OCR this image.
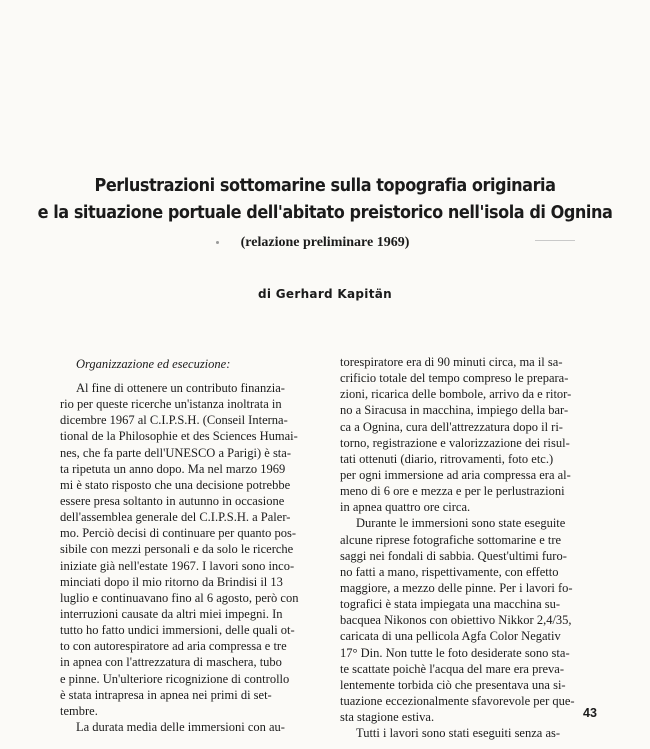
Perlustrazioni sottomarine sulla topografia originaria
e la situazione portuale dell'abitato preistorico nell'isola di Ognina
(relazione preliminare 1969)
di Gerhard Kapitän
Organizzazione ed esecuzione:
Al fine di ottenere un contributo finanzia-
rio per queste ricerche un'istanza inoltrata in
dicembre 1967 al C.I.P.S.H. (Conseil Interna-
tional de la Philosophie et des Sciences Humai-
nes, che fa parte dell'UNESCO a Parigi) è sta-
ta ripetuta un anno dopo. Ma nel marzo 1969
mi è stato risposto che una decisione potrebbe
essere presa soltanto in autunno in occasione
dell'assemblea generale del C.I.P.S.H. a Paler-
mo. Perciò decisi di continuare per quanto pos-
sibile con mezzi personali e da solo le ricerche
iniziate già nell'estate 1967. I lavori sono inco-
minciati dopo il mio ritorno da Brindisi il 13
luglio e continuavano fino al 6 agosto, però con
interruzioni causate da altri miei impegni. In
tutto ho fatto undici immersioni, delle quali ot-
to con autorespiratore ad aria compressa e tre
in apnea con l'attrezzatura di maschera, tubo
e pinne. Un'ulteriore ricognizione di controllo
è stata intrapresa in apnea nei primi di set-
tembre.
La durata media delle immersioni con au-
torespiratore era di 90 minuti circa, ma il sa-
crificio totale del tempo compreso le prepara-
zioni, ricarica delle bombole, arrivo da e ritor-
no a Siracusa in macchina, impiego della bar-
ca a Ognina, cura dell'attrezzatura dopo il ri-
torno, registrazione e valorizzazione dei risul-
tati ottenuti (diario, ritrovamenti, foto etc.)
per ogni immersione ad aria compressa era al-
meno di 6 ore e mezza e per le perlustrazioni
in apnea quattro ore circa.
Durante le immersioni sono state eseguite
alcune riprese fotografiche sottomarine e tre
saggi nei fondali di sabbia. Quest'ultimi furo-
no fatti a mano, rispettivamente, con effetto
maggiore, a mezzo delle pinne. Per i lavori fo-
tografici è stata impiegata una macchina su-
bacquea Nikonos con obiettivo Nikkor 2,4/35,
caricata di una pellicola Agfa Color Negativ
17° Din. Non tutte le foto desiderate sono sta-
te scattate poichè l'acqua del mare era preva-
lentemente torbida ciò che presentava una si-
tuazione eccezionalmente sfavorevole per que-
sta stagione estiva.
Tutti i lavori sono stati eseguiti senza as-
43
